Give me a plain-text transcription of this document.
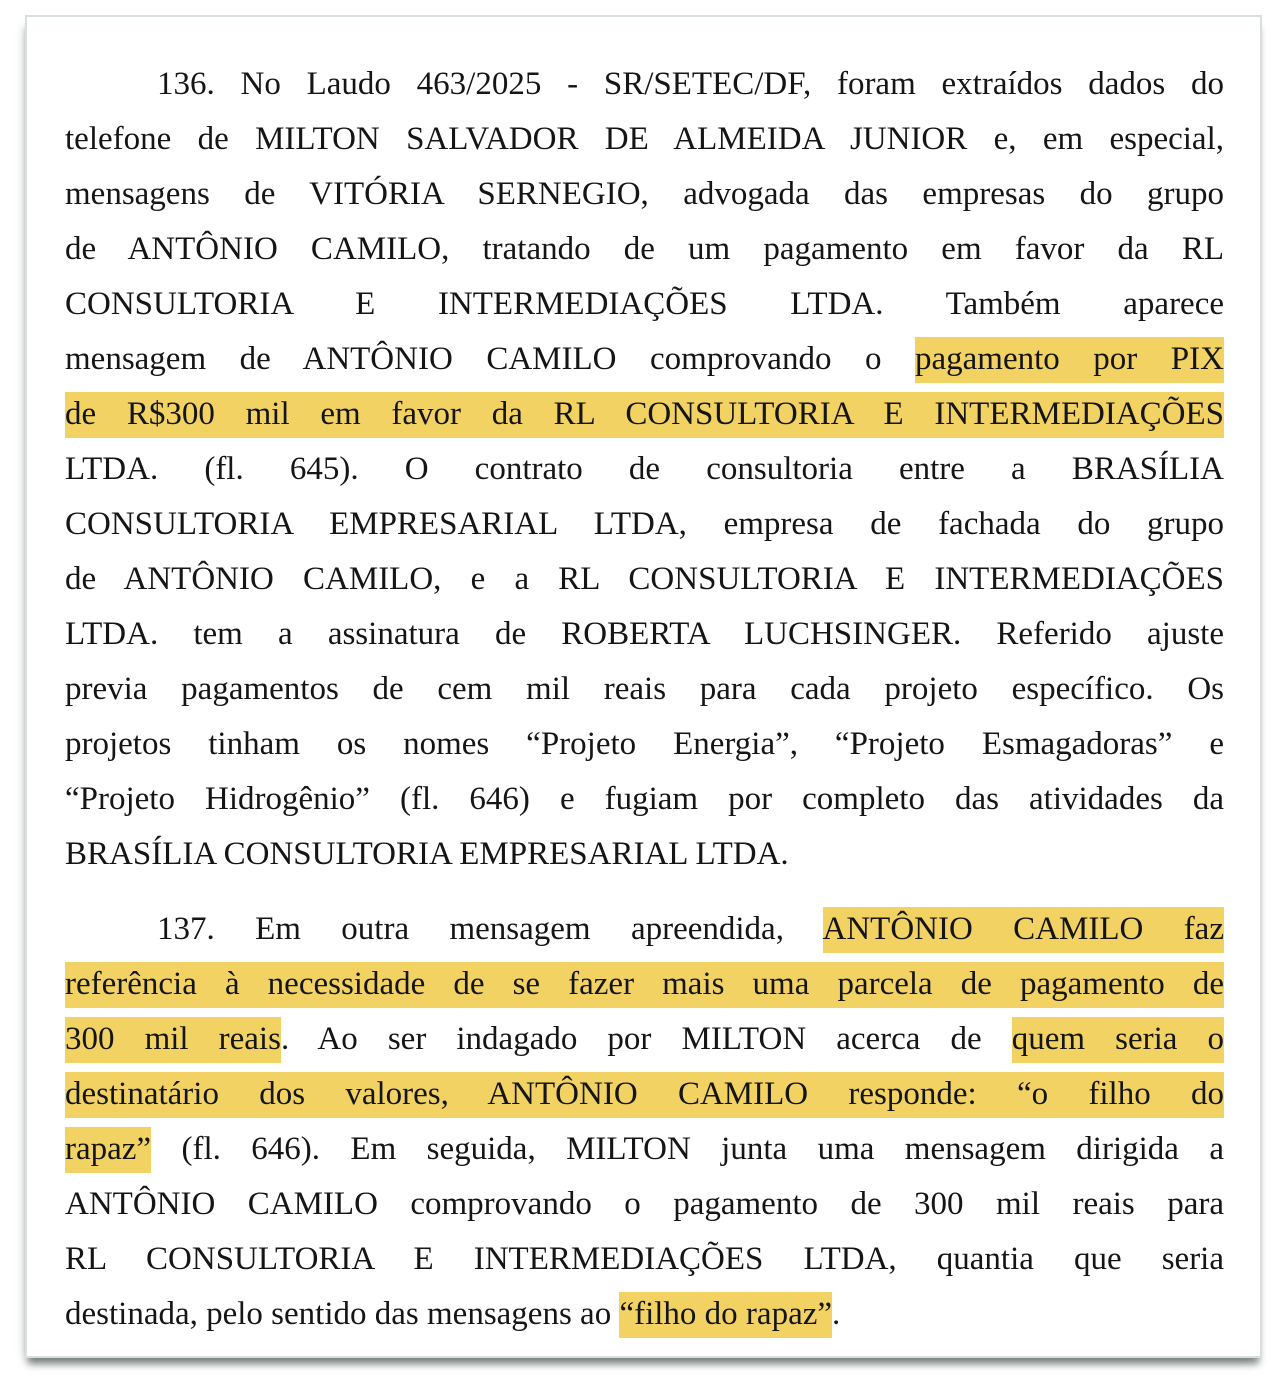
136. No Laudo 463/2025 - SR/SETEC/DF, foram extraídos dados do
telefone de MILTON SALVADOR DE ALMEIDA JUNIOR e, em especial,
mensagens de VITÓRIA SERNEGIO, advogada das empresas do grupo
de ANTÔNIO CAMILO, tratando de um pagamento em favor da RL
CONSULTORIA E INTERMEDIAÇÕES LTDA. Também aparece
mensagem de ANTÔNIO CAMILO comprovando o pagamento por PIX
de R$300 mil em favor da RL CONSULTORIA E INTERMEDIAÇÕES
LTDA. (fl. 645). O contrato de consultoria entre a BRASÍLIA
CONSULTORIA EMPRESARIAL LTDA, empresa de fachada do grupo
de ANTÔNIO CAMILO, e a RL CONSULTORIA E INTERMEDIAÇÕES
LTDA. tem a assinatura de ROBERTA LUCHSINGER. Referido ajuste
previa pagamentos de cem mil reais para cada projeto específico. Os
projetos tinham os nomes “Projeto Energia”, “Projeto Esmagadoras” e
“Projeto Hidrogênio” (fl. 646) e fugiam por completo das atividades da
BRASÍLIA CONSULTORIA EMPRESARIAL LTDA.
137. Em outra mensagem apreendida, ANTÔNIO CAMILO faz
referência à necessidade de se fazer mais uma parcela de pagamento de
300 mil reais. Ao ser indagado por MILTON acerca de quem seria o
destinatário dos valores, ANTÔNIO CAMILO responde: “o filho do
rapaz” (fl. 646). Em seguida, MILTON junta uma mensagem dirigida a
ANTÔNIO CAMILO comprovando o pagamento de 300 mil reais para
RL CONSULTORIA E INTERMEDIAÇÕES LTDA, quantia que seria
destinada, pelo sentido das mensagens ao “filho do rapaz”.
